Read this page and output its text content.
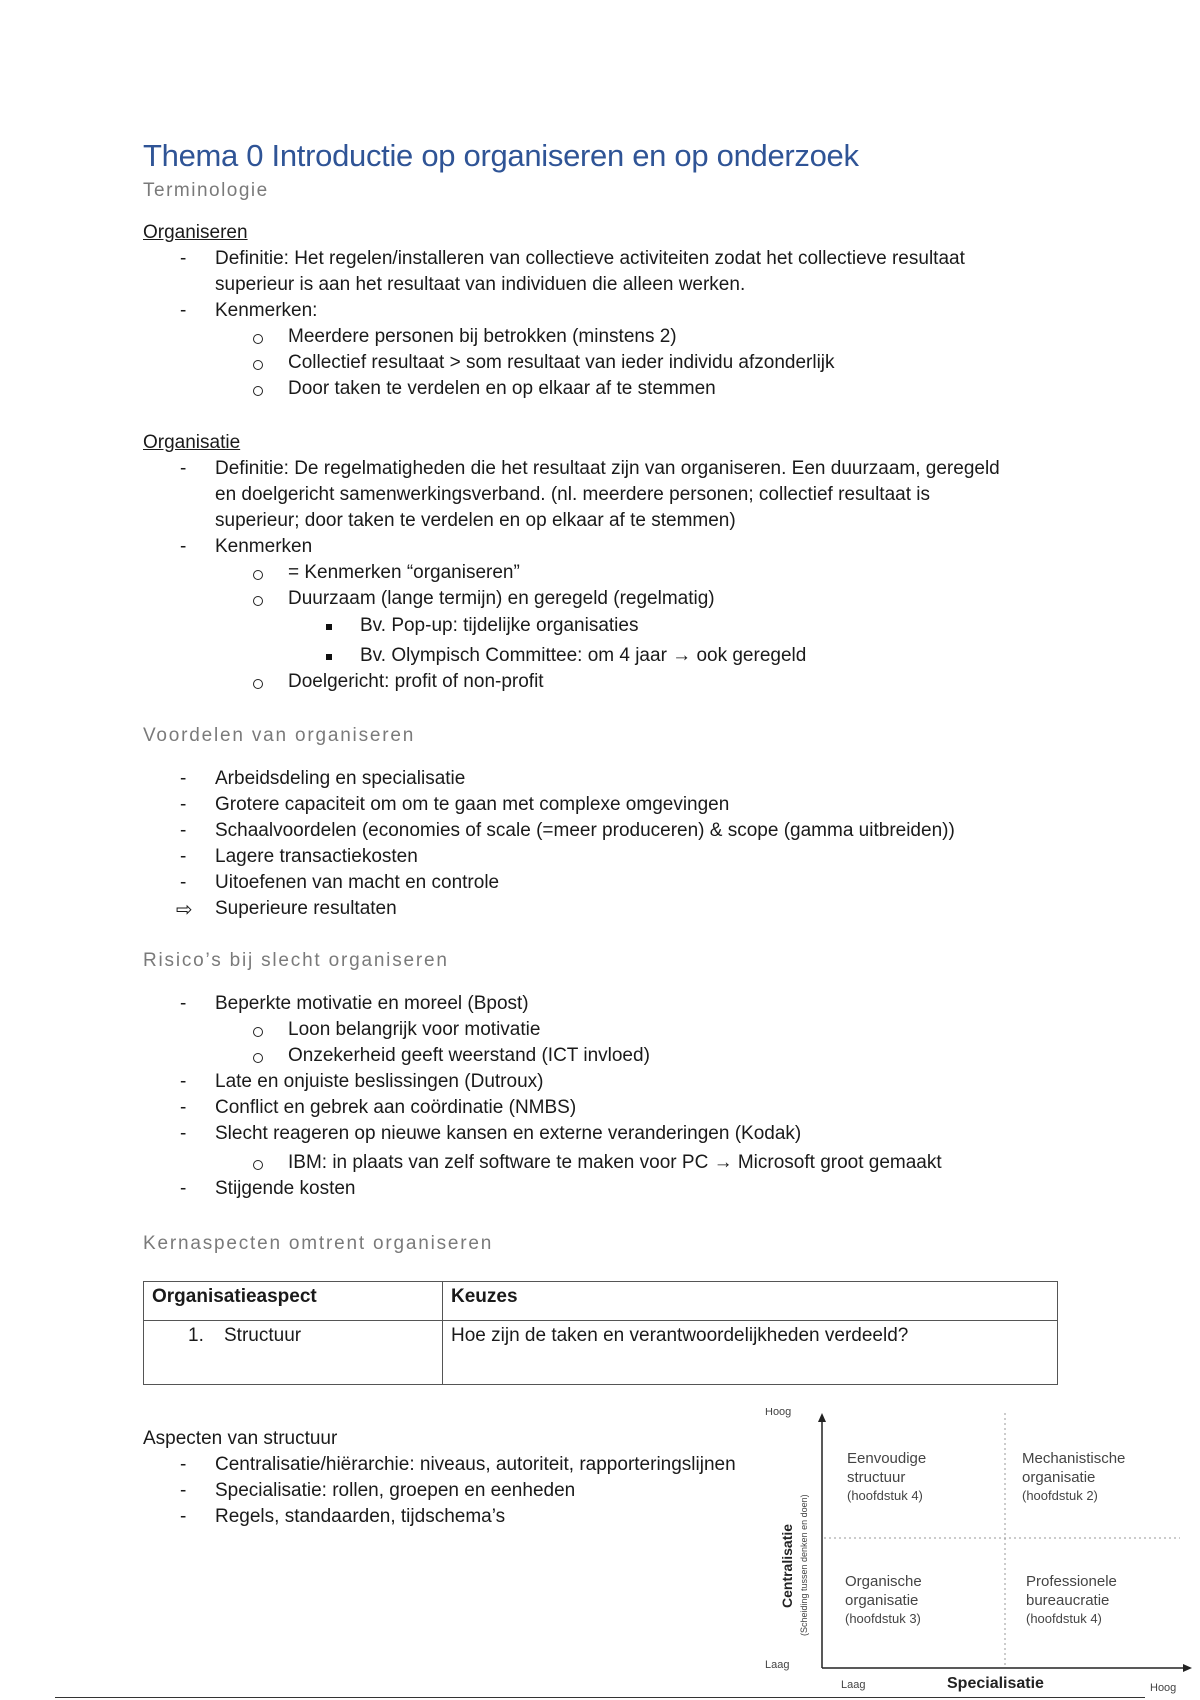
Thema 0 Introductie op organiseren en op onderzoek
Terminologie
Organiseren
- Definitie: Het regelen/installeren van collectieve activiteiten zodat het collectieve resultaat
superieur is aan het resultaat van individuen die alleen werken.
- Kenmerken:
Meerdere personen bij betrokken (minstens 2)
Collectief resultaat > som resultaat van ieder individu afzonderlijk
Door taken te verdelen en op elkaar af te stemmen
Organisatie
- Definitie: De regelmatigheden die het resultaat zijn van organiseren. Een duurzaam, geregeld
en doelgericht samenwerkingsverband. (nl. meerdere personen; collectief resultaat is
superieur; door taken te verdelen en op elkaar af te stemmen)
- Kenmerken
= Kenmerken “organiseren”
Duurzaam (lange termijn) en geregeld (regelmatig)
Bv. Pop-up: tijdelijke organisaties
Bv. Olympisch Committee: om 4 jaar → ook geregeld
Doelgericht: profit of non-profit
Voordelen van organiseren
- Arbeidsdeling en specialisatie
- Grotere capaciteit om om te gaan met complexe omgevingen
- Schaalvoordelen (economies of scale (=meer produceren) & scope (gamma uitbreiden))
- Lagere transactiekosten
- Uitoefenen van macht en controle
⇨ Superieure resultaten
Risico’s bij slecht organiseren
- Beperkte motivatie en moreel (Bpost)
Loon belangrijk voor motivatie
Onzekerheid geeft weerstand (ICT invloed)
- Late en onjuiste beslissingen (Dutroux)
- Conflict en gebrek aan coördinatie (NMBS)
- Slecht reageren op nieuwe kansen en externe veranderingen (Kodak)
IBM: in plaats van zelf software te maken voor PC → Microsoft groot gemaakt
- Stijgende kosten
Kernaspecten omtrent organiseren
Organisatieaspect	Keuzes
1. Structuur	Hoe zijn de taken en verantwoordelijkheden verdeeld?
Aspecten van structuur
- Centralisatie/hiërarchie: niveaus, autoriteit, rapporteringslijnen
- Specialisatie: rollen, groepen en eenheden
- Regels, standaarden, tijdschema’s
Hoog
Laag
Centralisatie (Scheiding tussen denken en doen)
Eenvoudige
structuur
(hoofdstuk 4)
Mechanistische
organisatie
(hoofdstuk 2)
Organische
organisatie
(hoofdstuk 3)
Professionele
bureaucratie
(hoofdstuk 4)
Laag	Specialisatie	Hoog
